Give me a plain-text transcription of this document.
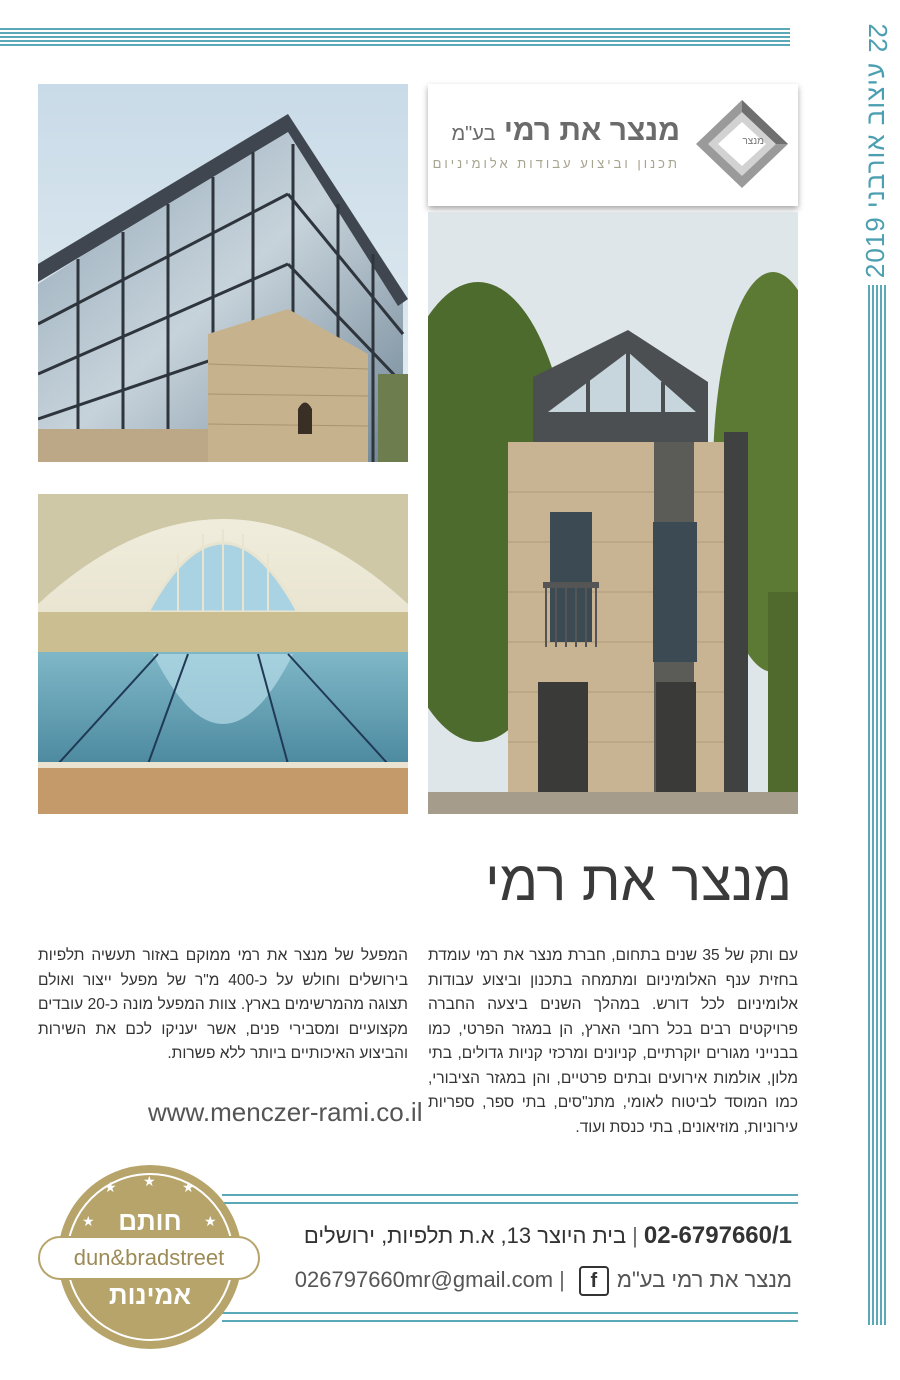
22
עיצוב אורבני 2019
מנצר
מנצר את רמי בע"מ
תכנון וביצוע עבודות אלומיניום
מנצר את רמי
עם ותק של 35 שנים בתחום, חברת מנצר את רמי עומדת בחזית ענף האלומיניום ומתמחה בתכנון וביצוע עבודות אלומיניום לכל דורש. במהלך השנים ביצעה החברה פרויקטים רבים בכל רחבי הארץ, הן במגזר הפרטי, כמו בבנייני מגורים יוקרתיים, קניונים ומרכזי קניות גדולים, בתי מלון, אולמות אירועים ובתים פרטיים, והן במגזר הציבורי, כמו המוסד לביטוח לאומי, מתנ"סים, בתי ספר, ספריות עירוניות, מוזיאונים, בתי כנסת ועוד.
המפעל של מנצר את רמי ממוקם באזור תעשיה תלפיות בירושלים וחולש על כ-400 מ"ר של מפעל ייצור ואולם תצוגה מהמרשימים בארץ. צוות המפעל מונה כ-20 עובדים מקצועיים ומסבירי פנים, אשר יעניקו לכם את השירות והביצוע האיכותיים ביותר ללא פשרות.
www.menczer-rami.co.il
02-6797660/1|בית היוצר 13, א.ת תלפיות, ירושלים
מנצר את רמי בע"מf|026797660mr@gmail.com
★ ★ ★
★	★
חותם
dun&bradstreet
אמינות
